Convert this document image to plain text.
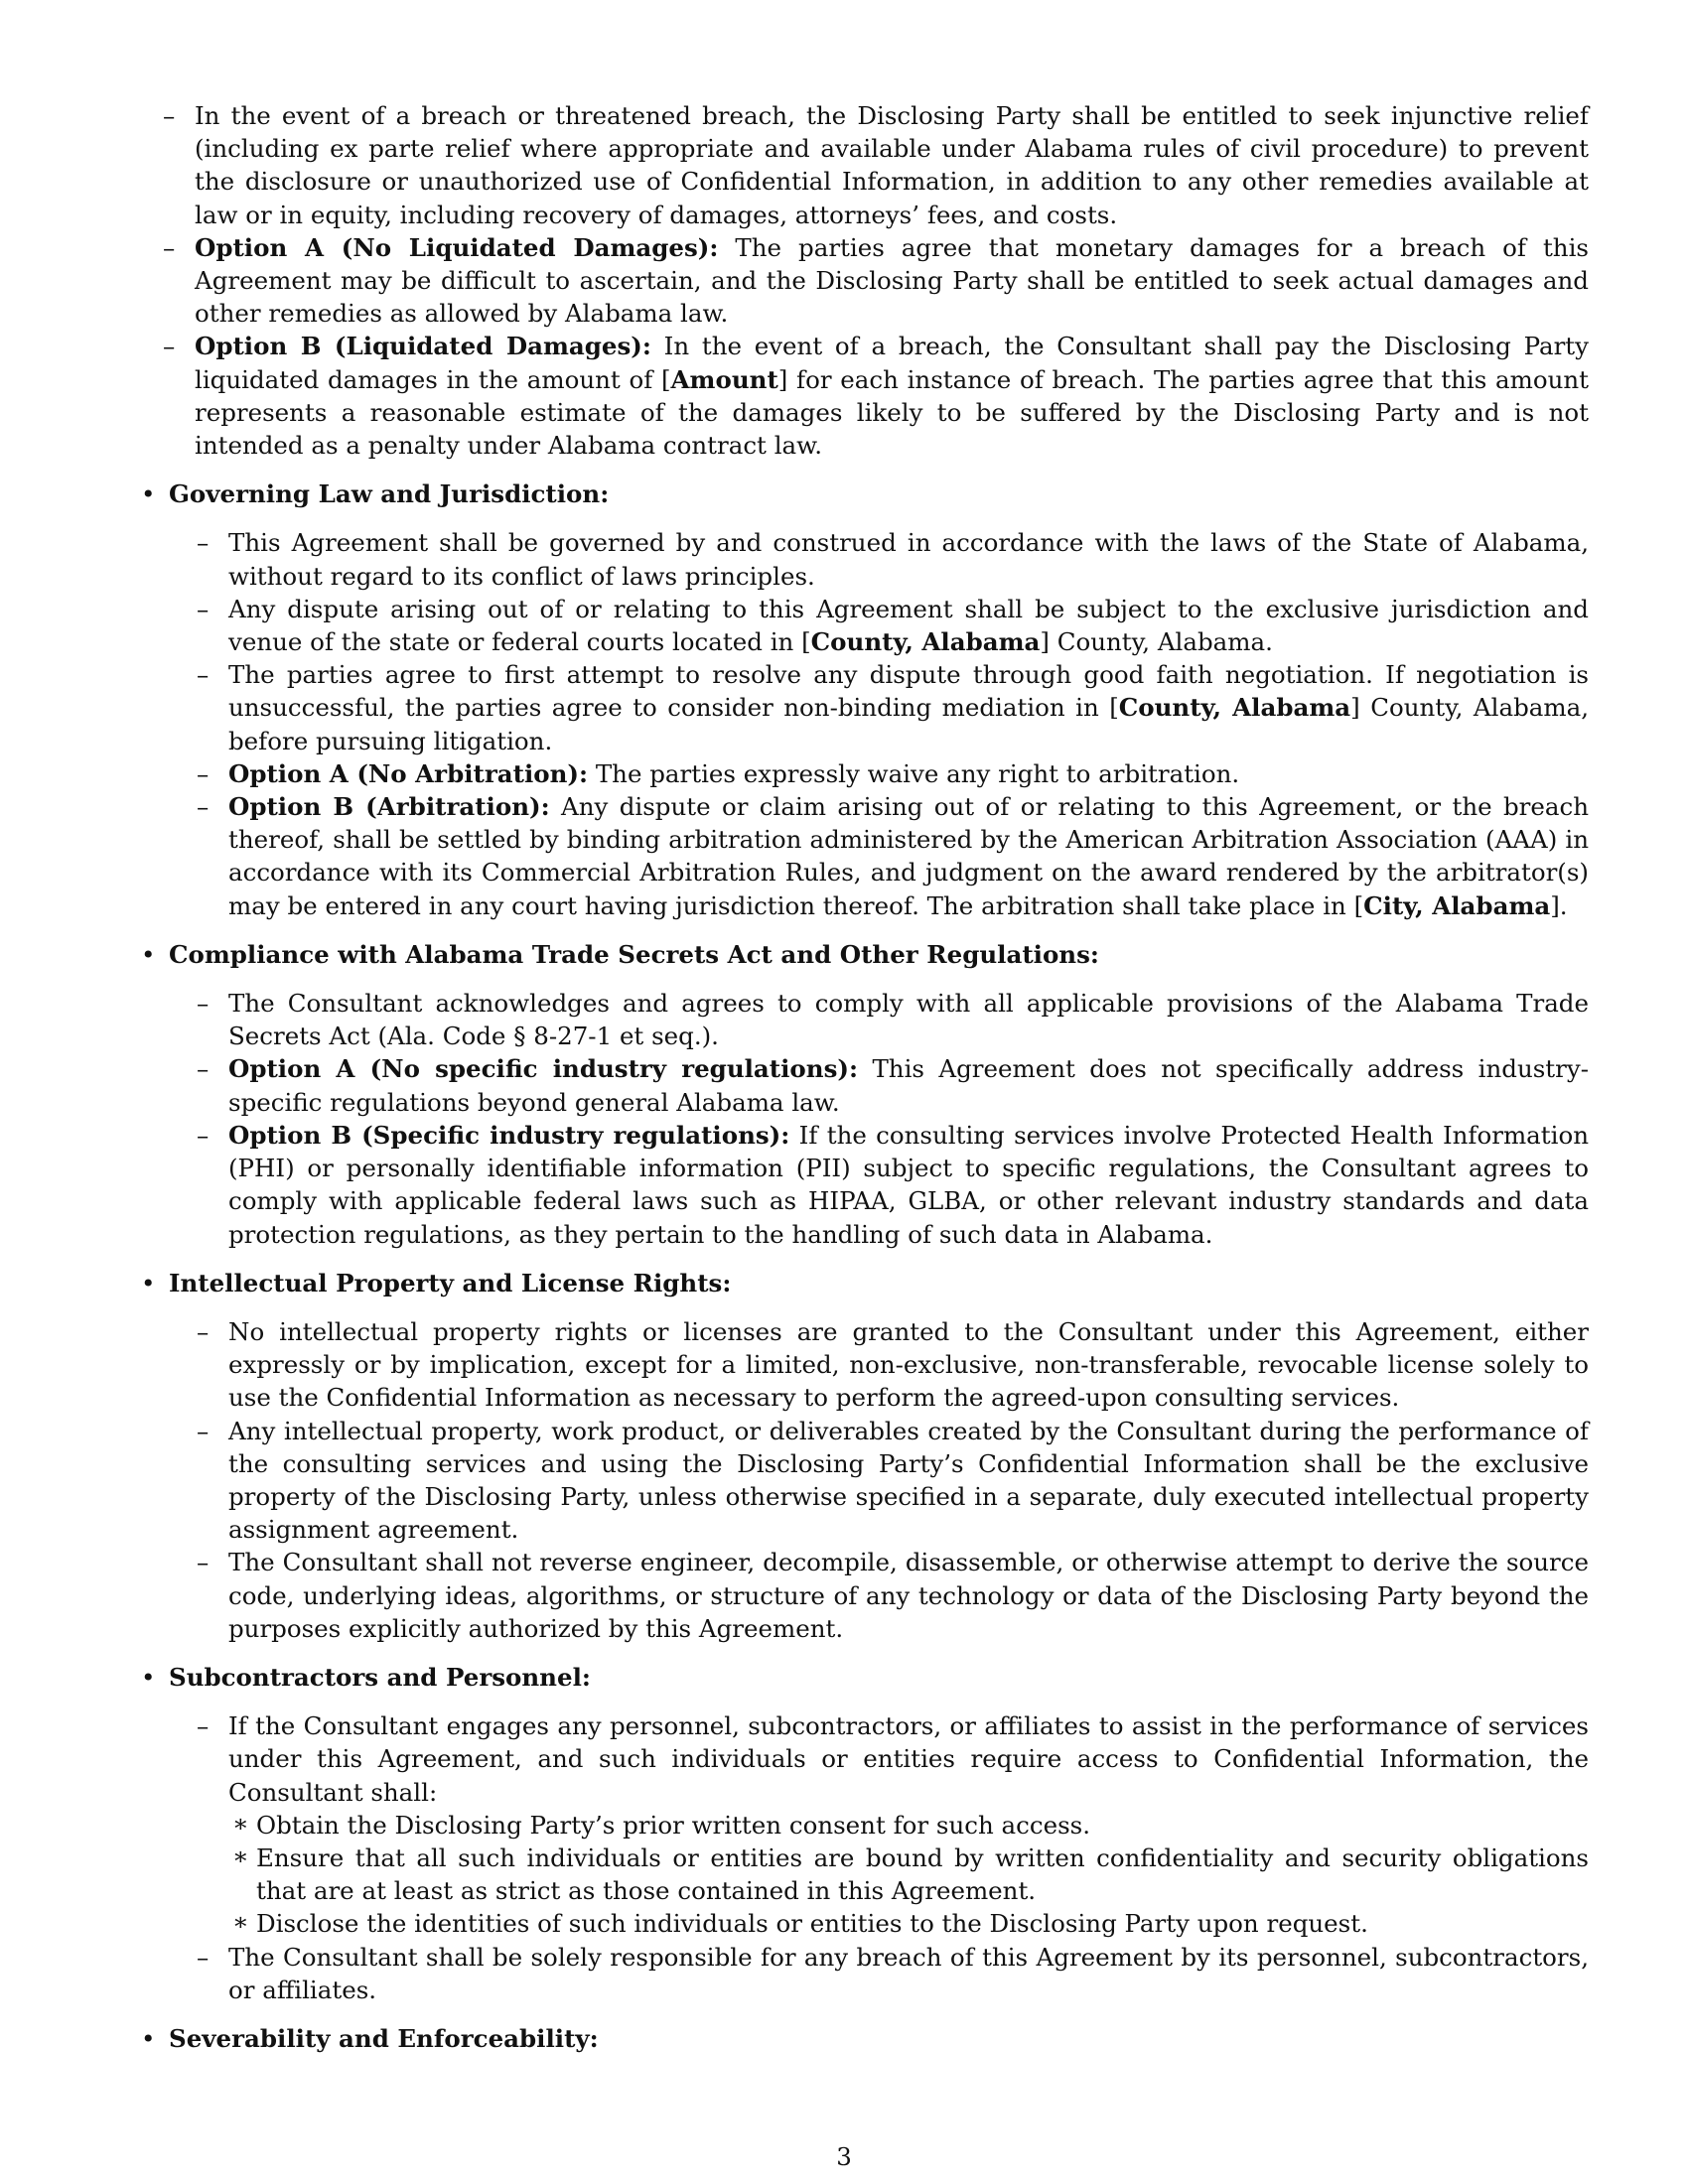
– In the event of a breach or threatened breach, the Disclosing Party shall be entitled to seek injunctive relief (including ex parte relief where appropriate and available under Alabama rules of civil procedure) to prevent the disclosure or unauthorized use of Confidential Information, in addition to any other remedies available at law or in equity, including recovery of damages, attorneys’ fees, and costs.
– Option A (No Liquidated Damages): The parties agree that monetary damages for a breach of this Agreement may be difficult to ascertain, and the Disclosing Party shall be entitled to seek actual damages and other remedies as allowed by Alabama law.
– Option B (Liquidated Damages): In the event of a breach, the Consultant shall pay the Disclosing Party liquidated damages in the amount of [Amount] for each instance of breach. The parties agree that this amount represents a reasonable estimate of the damages likely to be suffered by the Disclosing Party and is not intended as a penalty under Alabama contract law.
• Governing Law and Jurisdiction:
– This Agreement shall be governed by and construed in accordance with the laws of the State of Alabama, without regard to its conflict of laws principles.
– Any dispute arising out of or relating to this Agreement shall be subject to the exclusive jurisdiction and venue of the state or federal courts located in [County, Alabama] County, Alabama.
– The parties agree to first attempt to resolve any dispute through good faith negotiation. If negotiation is unsuccessful, the parties agree to consider non-binding mediation in [County, Alabama] County, Alabama, before pursuing litigation.
– Option A (No Arbitration): The parties expressly waive any right to arbitration.
– Option B (Arbitration): Any dispute or claim arising out of or relating to this Agreement, or the breach thereof, shall be settled by binding arbitration administered by the American Arbitration Association (AAA) in accordance with its Commercial Arbitration Rules, and judgment on the award rendered by the arbitrator(s) may be entered in any court having jurisdiction thereof. The arbitration shall take place in [City, Alabama].
• Compliance with Alabama Trade Secrets Act and Other Regulations:
– The Consultant acknowledges and agrees to comply with all applicable provisions of the Alabama Trade Secrets Act (Ala. Code § 8-27-1 et seq.).
– Option A (No specific industry regulations): This Agreement does not specifically address industry-specific regulations beyond general Alabama law.
– Option B (Specific industry regulations): If the consulting services involve Protected Health Information (PHI) or personally identifiable information (PII) subject to specific regulations, the Consultant agrees to comply with applicable federal laws such as HIPAA, GLBA, or other relevant industry standards and data protection regulations, as they pertain to the handling of such data in Alabama.
• Intellectual Property and License Rights:
– No intellectual property rights or licenses are granted to the Consultant under this Agreement, either expressly or by implication, except for a limited, non-exclusive, non-transferable, revocable license solely to use the Confidential Information as necessary to perform the agreed-upon consulting services.
– Any intellectual property, work product, or deliverables created by the Consultant during the performance of the consulting services and using the Disclosing Party’s Confidential Information shall be the exclusive property of the Disclosing Party, unless otherwise specified in a separate, duly executed intellectual property assignment agreement.
– The Consultant shall not reverse engineer, decompile, disassemble, or otherwise attempt to derive the source code, underlying ideas, algorithms, or structure of any technology or data of the Disclosing Party beyond the purposes explicitly authorized by this Agreement.
• Subcontractors and Personnel:
– If the Consultant engages any personnel, subcontractors, or affiliates to assist in the performance of services under this Agreement, and such individuals or entities require access to Confidential Information, the Consultant shall:
∗ Obtain the Disclosing Party’s prior written consent for such access.
∗ Ensure that all such individuals or entities are bound by written confidentiality and security obligations that are at least as strict as those contained in this Agreement.
∗ Disclose the identities of such individuals or entities to the Disclosing Party upon request.
– The Consultant shall be solely responsible for any breach of this Agreement by its personnel, subcontractors, or affiliates.
• Severability and Enforceability:
3
